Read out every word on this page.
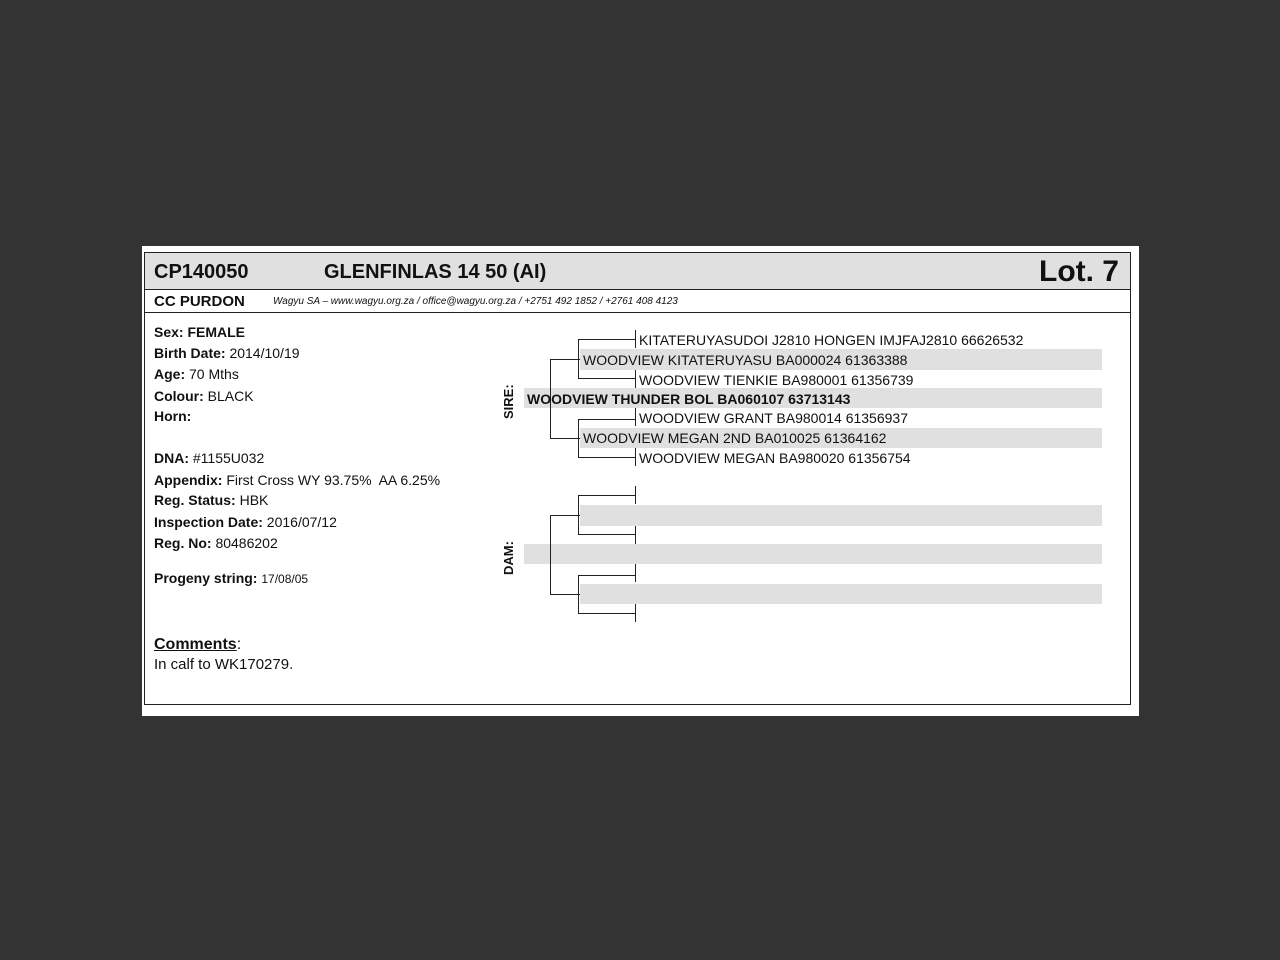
CP140050	GLENFINLAS 14 50 (AI)	Lot. 7
CC PURDON	Wagyu SA – www.wagyu.org.za / office@wagyu.org.za / +2751 492 1852 / +2761 408 4123
Sex: FEMALE
Birth Date: 2014/10/19
Age: 70 Mths
Colour: BLACK
Horn:
DNA: #1155U032
Appendix: First Cross WY 93.75%  AA 6.25%
Reg. Status: HBK
Inspection Date: 2016/07/12
Reg. No: 80486202
Progeny string: 17/08/05
Comments:
In calf to WK170279.
SIRE:
DAM:
KITATERUYASUDOI J2810 HONGEN IMJFAJ2810 66626532
WOODVIEW KITATERUYASU BA000024 61363388
WOODVIEW TIENKIE BA980001 61356739
WOODVIEW THUNDER BOL BA060107 63713143
WOODVIEW GRANT BA980014 61356937
WOODVIEW MEGAN 2ND BA010025 61364162
WOODVIEW MEGAN BA980020 61356754
